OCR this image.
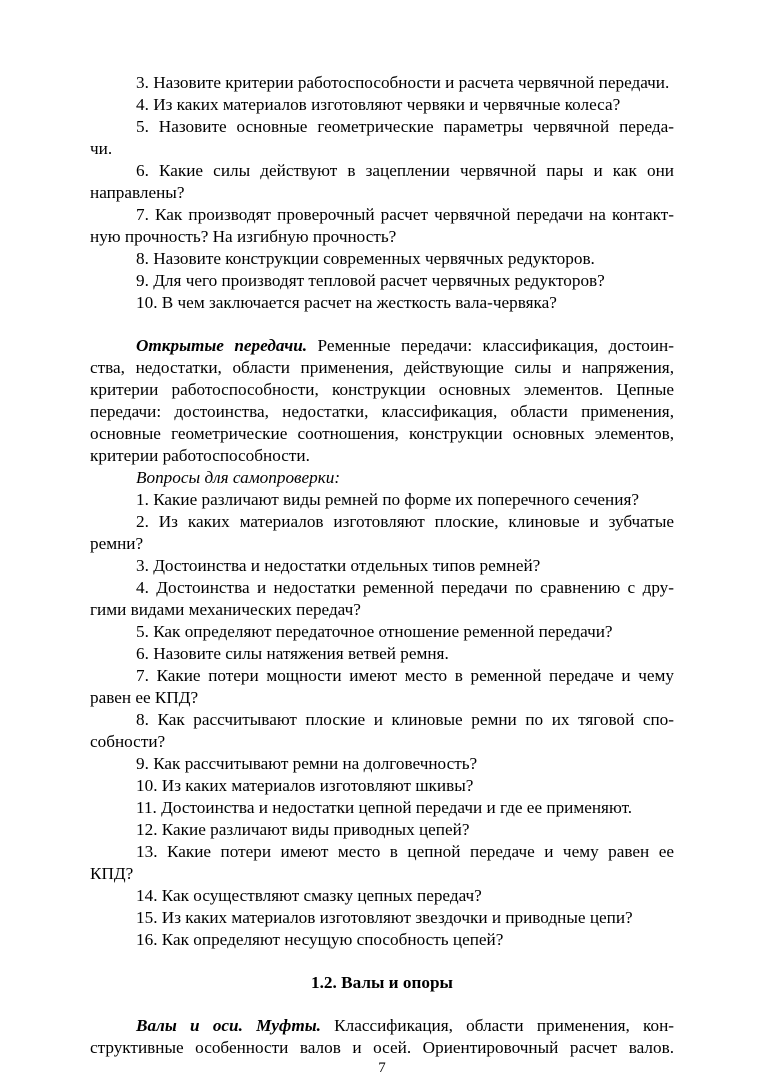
3. Назовите критерии работоспособности и расчета червячной передачи.
4. Из каких материалов изготовляют червяки и червячные колеса?
5. Назовите основные геометрические параметры червячной переда-
чи.
6. Какие силы действуют в зацеплении червячной пары и как они
направлены?
7. Как производят проверочный расчет червячной передачи на контакт-
ную прочность? На изгибную прочность?
8. Назовите конструкции современных червячных редукторов.
9. Для чего производят тепловой расчет червячных редукторов?
10. В чем заключается расчет на жесткость вала-червяка?
Открытые передачи. Ременные передачи: классификация, достоин-
ства, недостатки, области применения, действующие силы и напряжения,
критерии работоспособности, конструкции основных элементов. Цепные
передачи: достоинства, недостатки, классификация, области применения,
основные геометрические соотношения, конструкции основных элементов,
критерии работоспособности.
Вопросы для самопроверки:
1. Какие различают виды ремней по форме их поперечного сечения?
2. Из каких материалов изготовляют плоские, клиновые и зубчатые
ремни?
3. Достоинства и недостатки отдельных типов ремней?
4. Достоинства и недостатки ременной передачи по сравнению с дру-
гими видами механических передач?
5. Как определяют передаточное отношение ременной передачи?
6. Назовите силы натяжения ветвей ремня.
7. Какие потери мощности имеют место в ременной передаче и чему
равен ее КПД?
8. Как рассчитывают плоские и клиновые ремни по их тяговой спо-
собности?
9. Как рассчитывают ремни на долговечность?
10. Из каких материалов изготовляют шкивы?
11. Достоинства и недостатки цепной передачи и где ее применяют.
12. Какие различают виды приводных цепей?
13. Какие потери имеют место в цепной передаче и чему равен ее
КПД?
14. Как осуществляют смазку цепных передач?
15. Из каких материалов изготовляют звездочки и приводные цепи?
16. Как определяют несущую способность цепей?
1.2. Валы и опоры
Валы и оси. Муфты. Классификация, области применения, кон-
структивные особенности валов и осей. Ориентировочный расчет валов.
7
